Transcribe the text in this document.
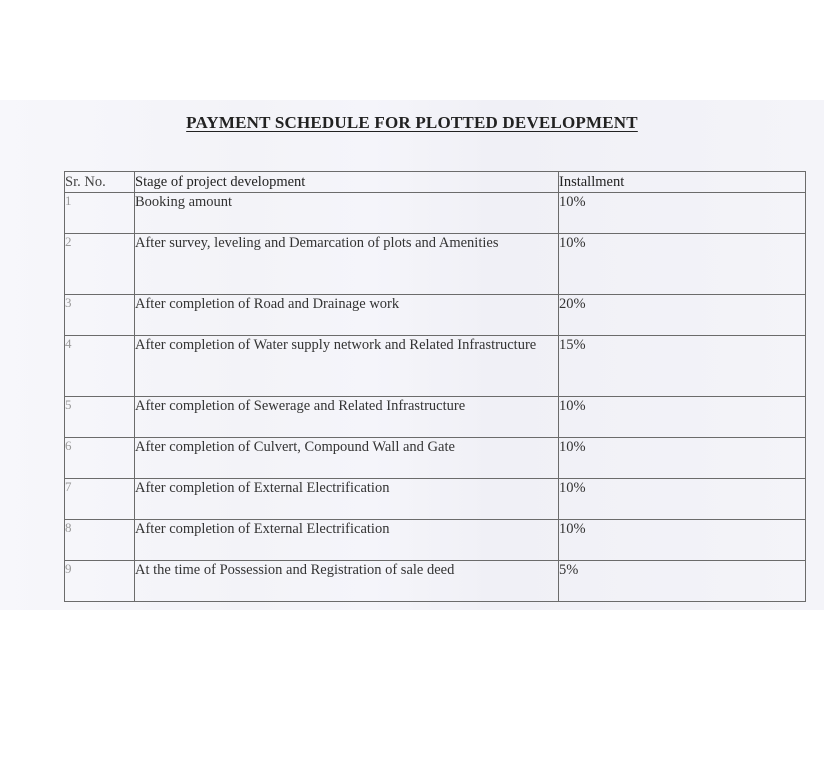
PAYMENT SCHEDULE FOR PLOTTED DEVELOPMENT
Sr. No.	Stage of project development	Installment
1	Booking amount	10%
2	After survey, leveling and Demarcation of plots and Amenities	10%
3	After completion of Road and Drainage work	20%
4	After completion of Water supply network and Related Infrastructure	15%
5	After completion of Sewerage and Related Infrastructure	10%
6	After completion of Culvert, Compound Wall and Gate	10%
7	After completion of External Electrification	10%
8	After completion of External Electrification	10%
9	At the time of Possession and Registration of sale deed	5%
